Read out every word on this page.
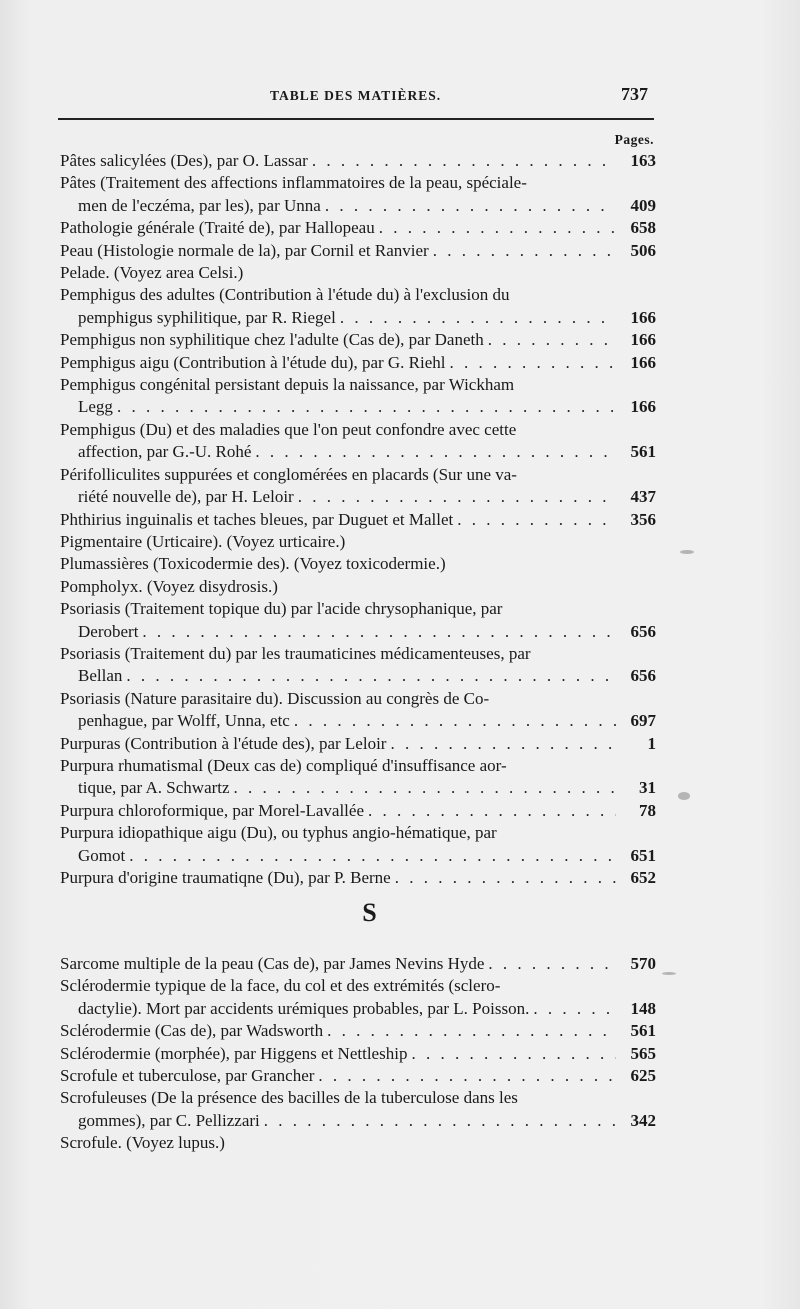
TABLE DES MATIÈRES.	737
Pages.
Pâtes salicylées (Des), par O. Lassar . . .	163
Pâtes (Traitement des affections inflammatoires de la peau, spéciale-
men de l'eczéma, par les), par Unna . . .	409
Pathologie générale (Traité de), par Hallopeau . . .	658
Peau (Histologie normale de la), par Cornil et Ranvier . . .	506
Pelade. (Voyez area Celsi.)
Pemphigus des adultes (Contribution à l'étude du) à l'exclusion du
pemphigus syphilitique, par R. Riegel . . .	166
Pemphigus non syphilitique chez l'adulte (Cas de), par Daneth . . .	166
Pemphigus aigu (Contribution à l'étude du), par G. Riehl . . .	166
Pemphigus congénital persistant depuis la naissance, par Wickham
Legg . . .	166
Pemphigus (Du) et des maladies que l'on peut confondre avec cette
affection, par G.-U. Rohé . . .	561
Périfolliculites suppurées et conglomérées en placards (Sur une va-
riété nouvelle de), par H. Leloir . . .	437
Phthirius inguinalis et taches bleues, par Duguet et Mallet . . .	356
Pigmentaire (Urticaire). (Voyez urticaire.)
Plumassières (Toxicodermie des). (Voyez toxicodermie.)
Pompholyx. (Voyez disydrosis.)
Psoriasis (Traitement topique du) par l'acide chrysophanique, par
Derobert . . .	656
Psoriasis (Traitement du) par les traumaticines médicamenteuses, par
Bellan . . .	656
Psoriasis (Nature parasitaire du). Discussion au congrès de Co-
penhague, par Wolff, Unna, etc . . .	697
Purpuras (Contribution à l'étude des), par Leloir . . .	1
Purpura rhumatismal (Deux cas de) compliqué d'insuffisance aor-
tique, par A. Schwartz . . .	31
Purpura chloroformique, par Morel-Lavallée . . .	78
Purpura idiopathique aigu (Du), ou typhus angio-hématique, par
Gomot . . .	651
Purpura d'origine traumatiqne (Du), par P. Berne . . .	652
S
Sarcome multiple de la peau (Cas de), par James Nevins Hyde . . .	570
Sclérodermie typique de la face, du col et des extrémités (sclero-
dactylie). Mort par accidents urémiques probables, par L. Poisson. . . .	148
Sclérodermie (Cas de), par Wadsworth . . .	561
Sclérodermie (morphée), par Higgens et Nettleship . . .	565
Scrofule et tuberculose, par Grancher . . .	625
Scrofuleuses (De la présence des bacilles de la tuberculose dans les
gommes), par C. Pellizzari . . .	342
Scrofule. (Voyez lupus.)
